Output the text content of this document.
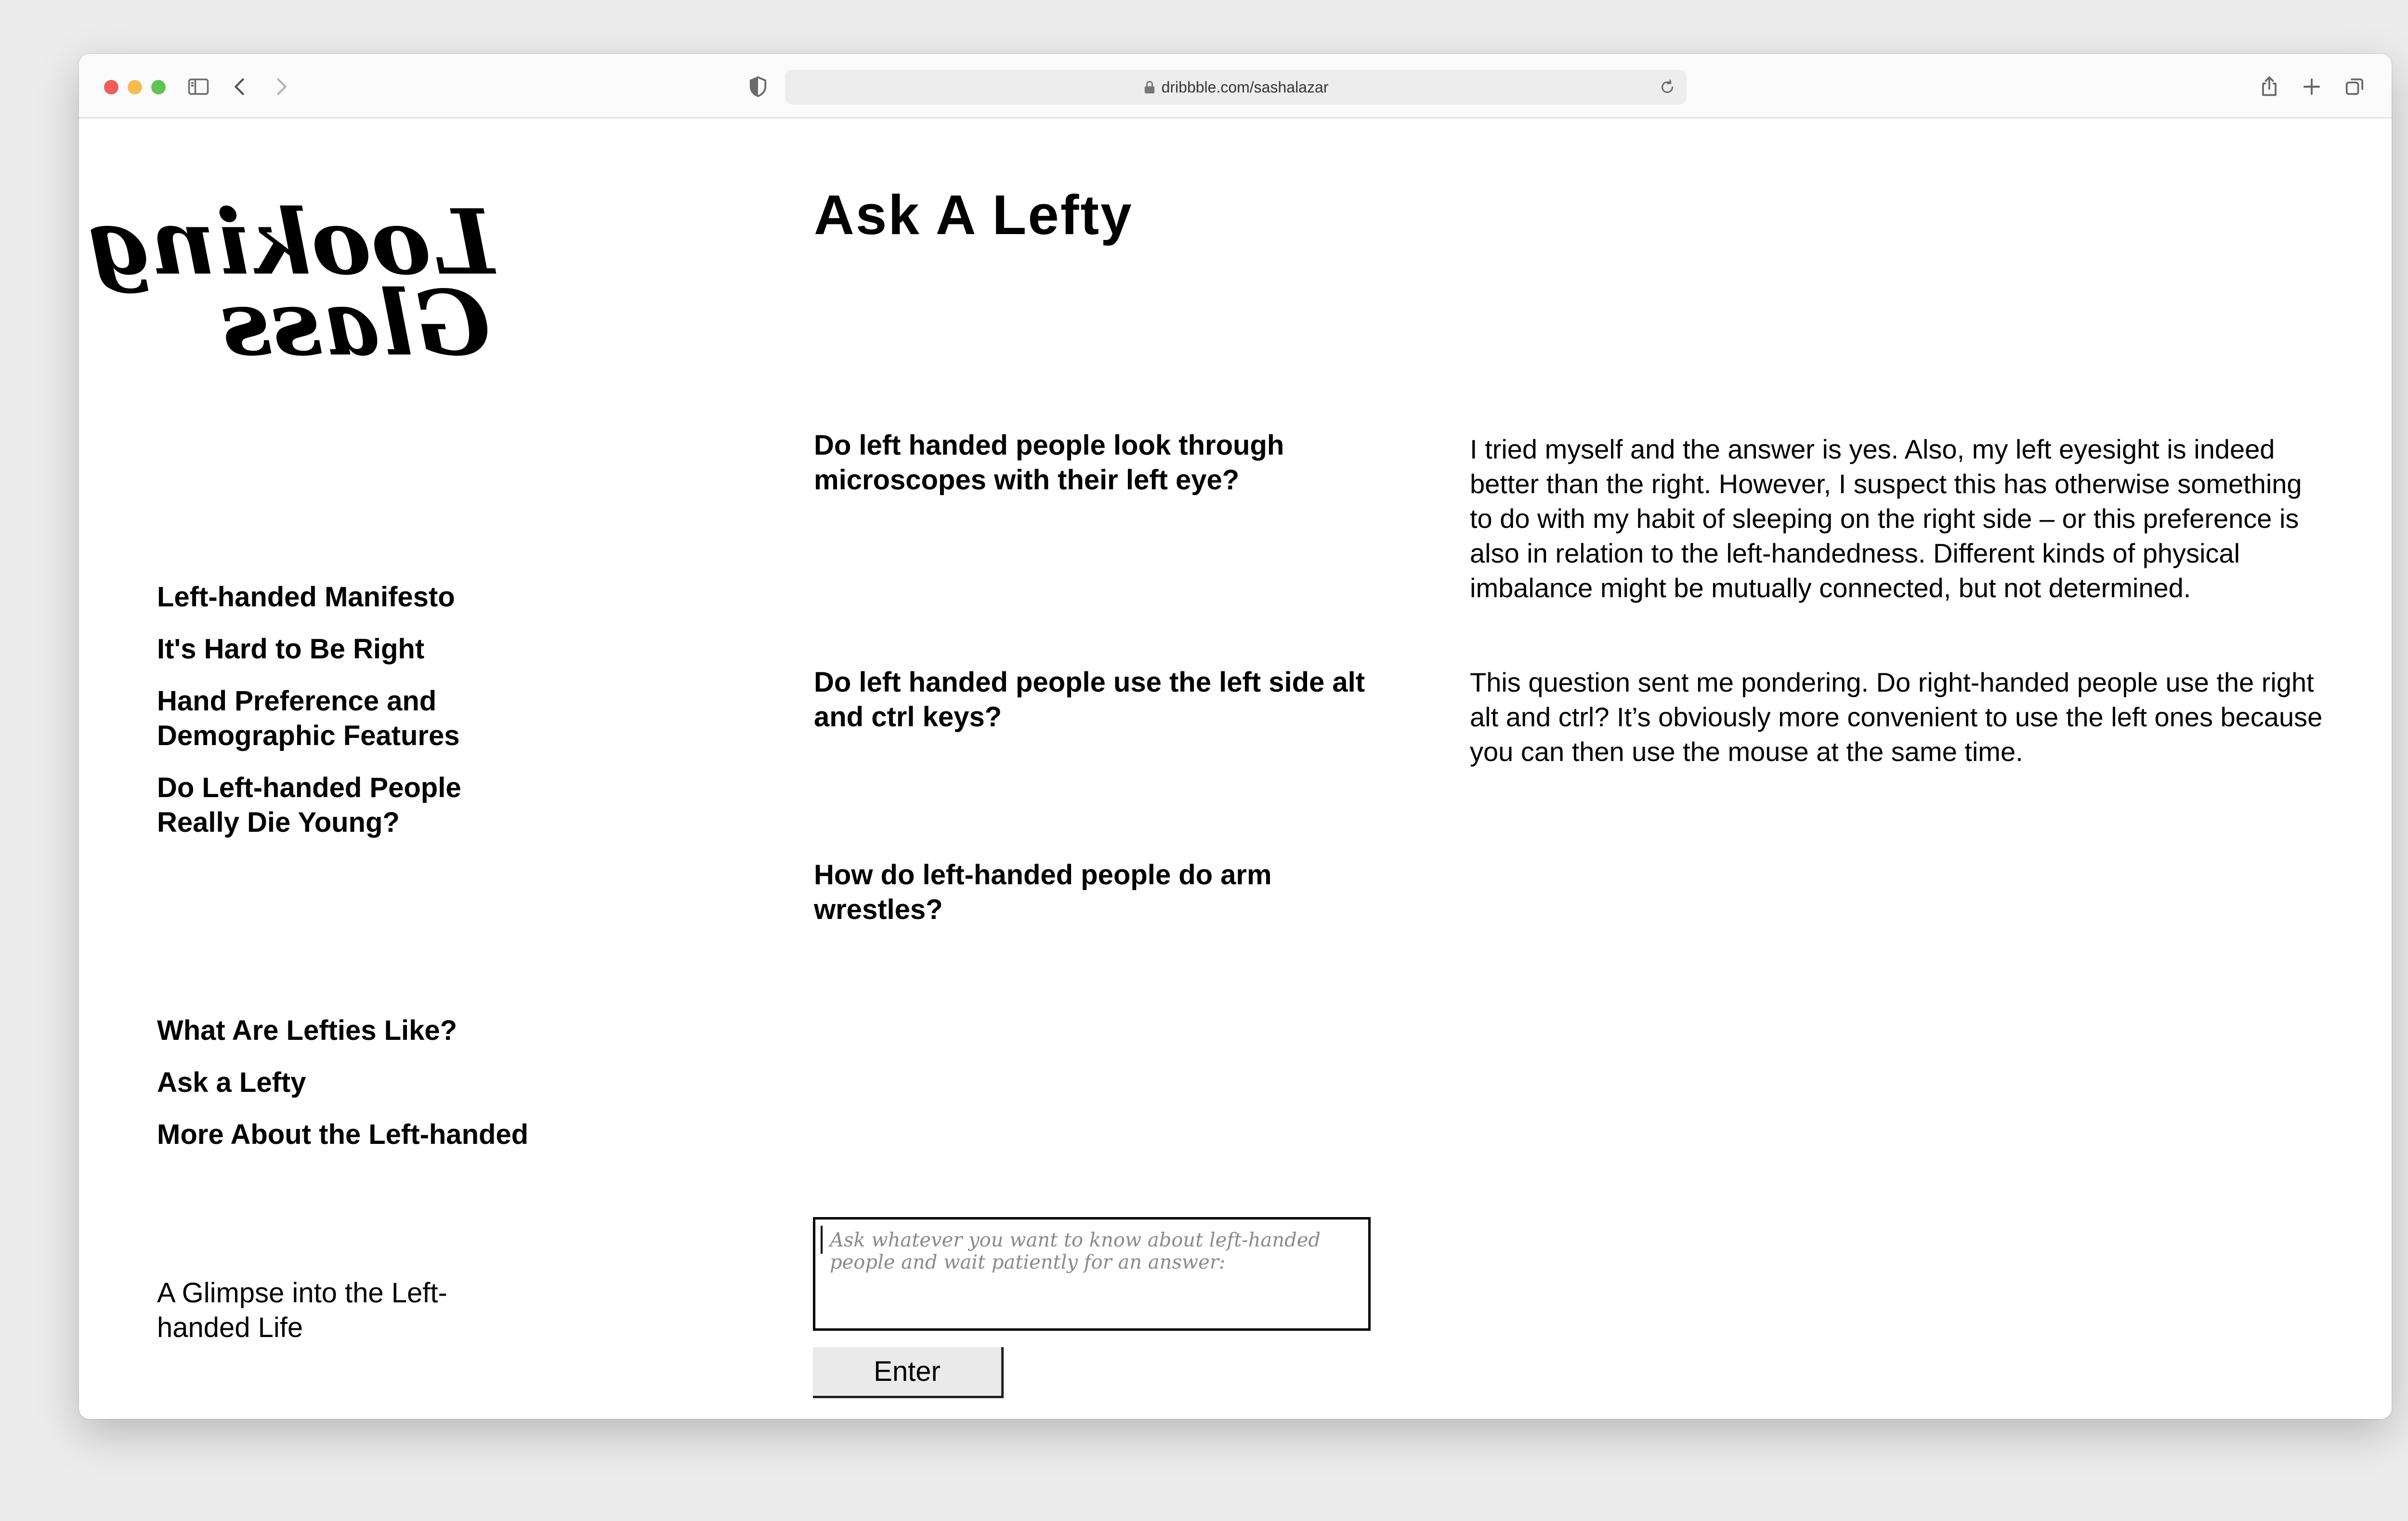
dribbble.com/sashalazar
Looking
Glass
Left-handed Manifesto
It's Hard to Be Right
Hand Preference and Demographic Features
Do Left-handed People Really Die Young?
What Are Lefties Like?
Ask a Lefty
More About the Left-handed
A Glimpse into the Left-handed Life
Ask A Lefty
Do left handed people look through microscopes with their left eye?
I tried myself and the answer is yes. Also, my left eyesight is indeed better than the right. However, I suspect this has otherwise something to do with my habit of sleeping on the right side – or this preference is also in relation to the left-handedness. Different kinds of physical imbalance might be mutually connected, but not determined.
Do left handed people use the left side alt and ctrl keys?
This question sent me pondering. Do right-handed people use the right alt and ctrl? It’s obviously more convenient to use the left ones because you can then use the mouse at the same time.
How do left-handed people do arm wrestles?
Ask whatever you want to know about left-handed people and wait patiently for an answer:
Enter
